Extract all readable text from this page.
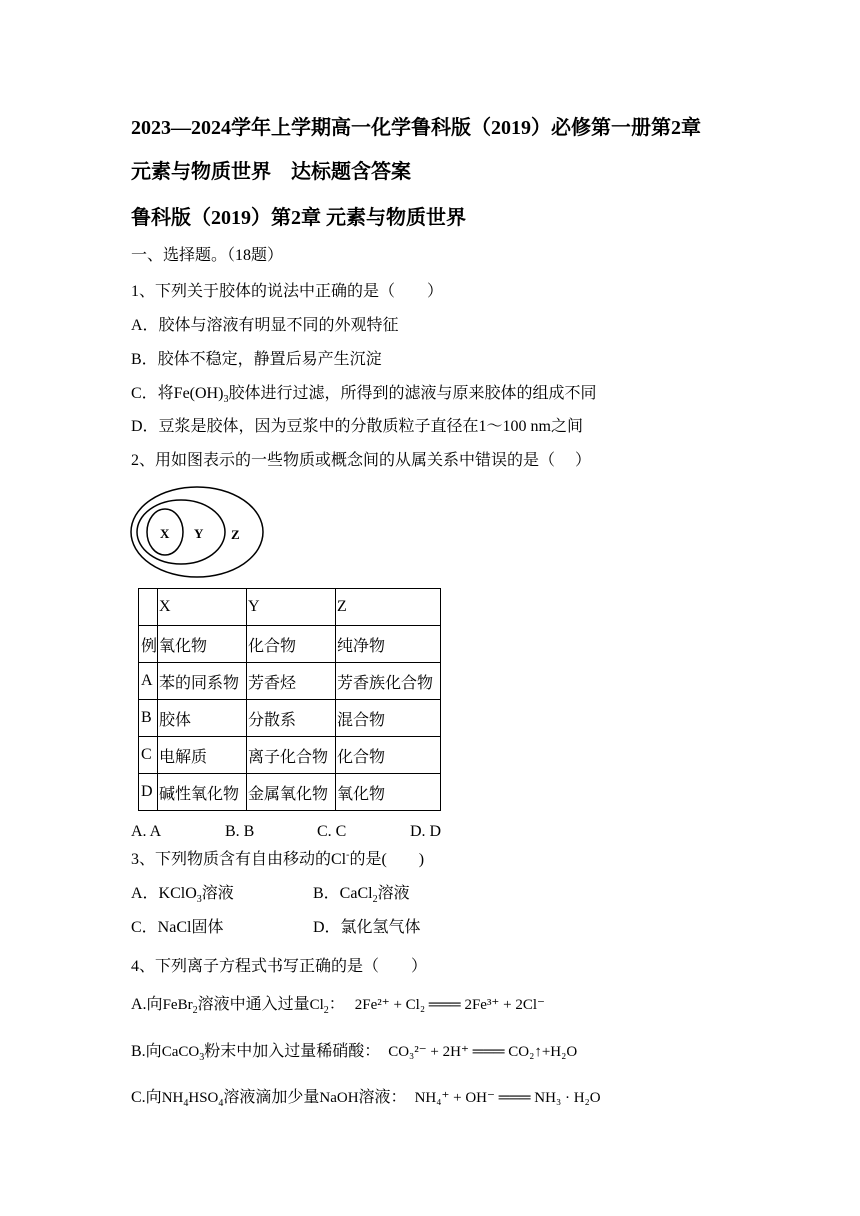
2023—2024学年上学期高一化学鲁科版（2019）必修第一册第2章
元素与物质世界　达标题含答案
鲁科版（2019）第2章 元素与物质世界
一、选择题。（18题）
1、下列关于胶体的说法中正确的是（　　）
A．胶体与溶液有明显不同的外观特征
B．胶体不稳定，静置后易产生沉淀
C．将$Fe(OH)_3$胶体进行过滤，所得到的滤液与原来胶体的组成不同
D．豆浆是胶体，因为豆浆中的分散质粒子直径在1～100 nm之间
2、用如图表示的一些物质或概念间的从属关系中错误的是（　 ）
X Y Z
	X	Y	Z
例	氧化物	化合物	纯净物
A	苯的同系物	芳香烃	芳香族化合物
B	胶体	分散系	混合物
C	电解质	离子化合物	化合物
D	碱性氧化物	金属氧化物	氧化物
A. A	B. B	C. C	D. D
3、下列物质含有自由移动的Cl-的是(　　)
A．KClO$_3$溶液	B．CaCl$_2$溶液
C．NaCl固体	D．氯化氢气体
4、下列离子方程式书写正确的是（　　）
A.向FeBr$_2$溶液中通入过量$Cl_2$： 2Fe²⁺ + Cl₂ ═══ 2Fe³⁺ + 2Cl⁻
B.向CaCO$_3$粉末中加入过量稀硝酸： CO₃²⁻ + 2H⁺ ═══ CO₂↑+H₂O
C.向$NH_4HSO_4$溶液滴加少量NaOH溶液： NH₄⁺ + OH⁻ ═══ NH₃ · H₂O
